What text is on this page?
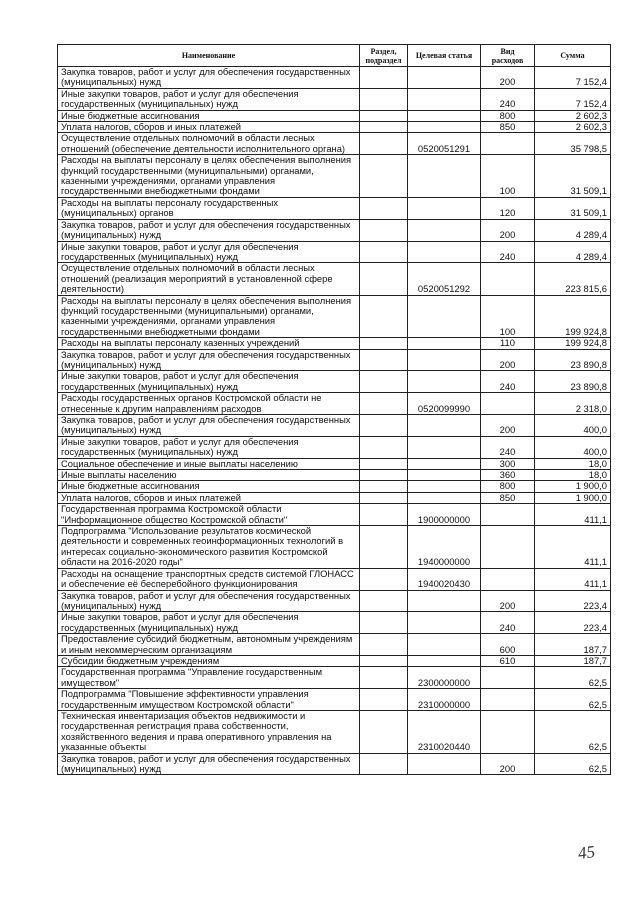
Наименование	Раздел, подраздел	Целевая статья	Вид расходов	Сумма
Закупка товаров, работ и услуг для обеспечения государственных (муниципальных) нужд			200	7 152,4
Иные закупки товаров, работ и услуг для обеспечения государственных (муниципальных) нужд			240	7 152,4
Иные бюджетные ассигнования			800	2 602,3
Уплата налогов, сборов и иных платежей			850	2 602,3
Осуществление отдельных полномочий в области лесных отношений (обеспечение деятельности исполнительного органа)		0520051291		35 798,5
Расходы на выплаты персоналу в целях обеспечения выполнения функций государственными (муниципальными) органами, казенными учреждениями, органами управления государственными внебюджетными фондами			100	31 509,1
Расходы на выплаты персоналу государственных (муниципальных) органов			120	31 509,1
Закупка товаров, работ и услуг для обеспечения государственных (муниципальных) нужд			200	4 289,4
Иные закупки товаров, работ и услуг для обеспечения государственных (муниципальных) нужд			240	4 289,4
Осуществление отдельных полномочий в области лесных отношений (реализация мероприятий в установленной сфере деятельности)		0520051292		223 815,6
Расходы на выплаты персоналу в целях обеспечения выполнения функций государственными (муниципальными) органами, казенными учреждениями, органами управления государственными внебюджетными фондами			100	199 924,8
Расходы на выплаты персоналу казенных учреждений			110	199 924,8
Закупка товаров, работ и услуг для обеспечения государственных (муниципальных) нужд			200	23 890,8
Иные закупки товаров, работ и услуг для обеспечения государственных (муниципальных) нужд			240	23 890,8
Расходы государственных органов Костромской области не отнесенные к другим направлениям расходов		0520099990		2 318,0
Закупка товаров, работ и услуг для обеспечения государственных (муниципальных) нужд			200	400,0
Иные закупки товаров, работ и услуг для обеспечения государственных (муниципальных) нужд			240	400,0
Социальное обеспечение и иные выплаты населению			300	18,0
Иные выплаты населению			360	18,0
Иные бюджетные ассигнования			800	1 900,0
Уплата налогов, сборов и иных платежей			850	1 900,0
Государственная программа Костромской области "Информационное общество Костромской области"		1900000000		411,1
Подпрограмма "Использование результатов космической деятельности и современных геоинформационных технологий в интересах социально-экономического развития Костромской области на 2016-2020 годы"		1940000000		411,1
Расходы на оснащение транспортных средств системой ГЛОНАСС и обеспечение её бесперебойного функционирования		1940020430		411,1
Закупка товаров, работ и услуг для обеспечения государственных (муниципальных) нужд			200	223,4
Иные закупки товаров, работ и услуг для обеспечения государственных (муниципальных) нужд			240	223,4
Предоставление субсидий бюджетным, автономным учреждениям и иным некоммерческим организациям			600	187,7
Субсидии бюджетным учреждениям			610	187,7
Государственная программа "Управление государственным имуществом"		2300000000		62,5
Подпрограмма "Повышение эффективности управления государственным имуществом Костромской области"		2310000000		62,5
Техническая инвентаризация объектов недвижимости и государственная регистрация права собственности, хозяйственного ведения и права оперативного управления на указанные объекты		2310020440		62,5
Закупка товаров, работ и услуг для обеспечения государственных (муниципальных) нужд			200	62,5
45
